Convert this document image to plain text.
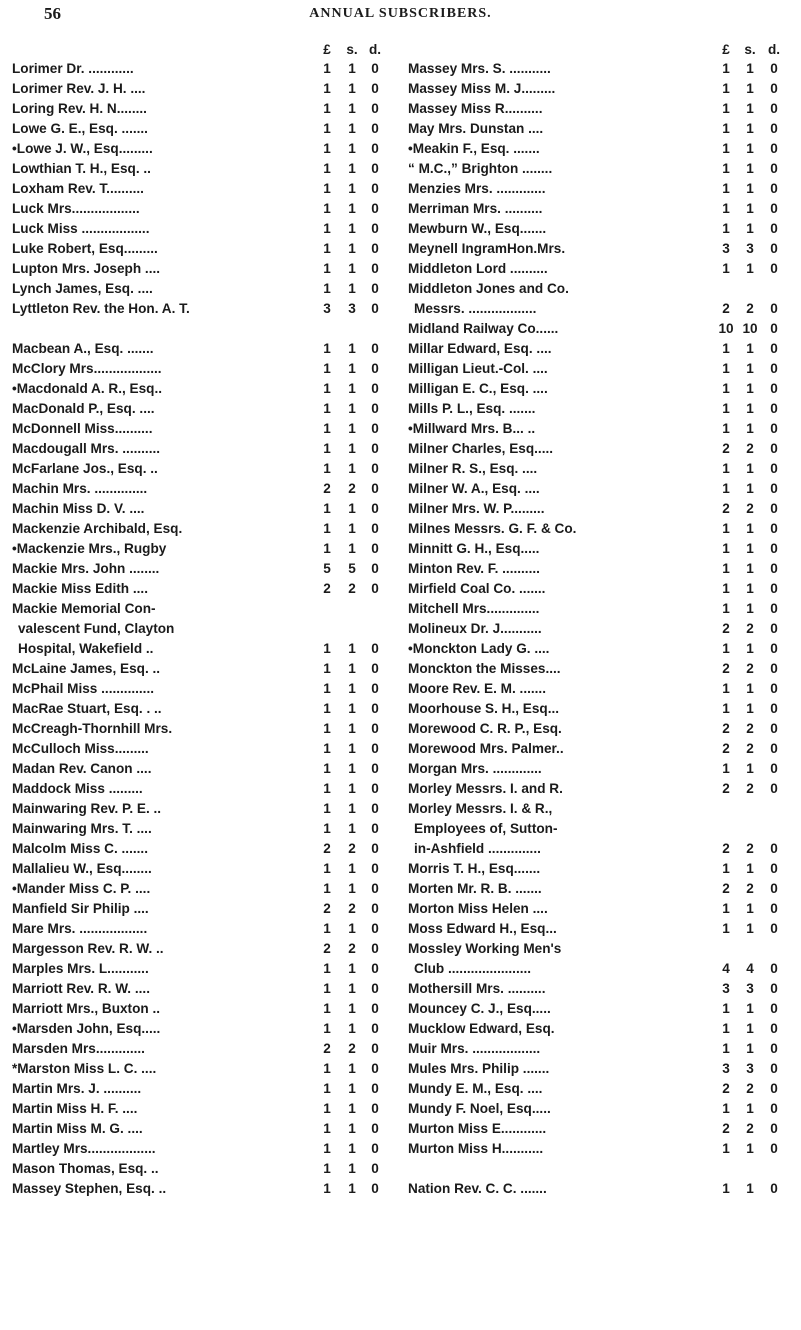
56	ANNUAL SUBSCRIBERS.
£	s. d.
Lorimer Dr. ............	1	1	0
Lorimer Rev. J. H. ....	1	1	0
Loring Rev. H. N........	1	1	0
Lowe G. E., Esq. .......	1	1	0
•Lowe J. W., Esq.........	1	1	0
Lowthian T. H., Esq. ..	1	1	0
Loxham Rev. T..........	1	1	0
Luck Mrs..................	1	1	0
Luck Miss ..................	1	1	0
Luke Robert, Esq.........	1	1	0
Lupton Mrs. Joseph ....	1	1	0
Lynch James, Esq. ....	1	1	0
Lyttleton Rev. the Hon. A. T.	3	3	0
Macbean A., Esq. .......	1	1	0
McClory Mrs..................	1	1	0
•Macdonald A. R., Esq..	1	1	0
MacDonald P., Esq. ....	1	1	0
McDonnell Miss..........	1	1	0
Macdougall Mrs. ..........	1	1	0
McFarlane Jos., Esq. ..	1	1	0
Machin Mrs. ..............	2	2	0
Machin Miss D. V. ....	1	1	0
Mackenzie Archibald, Esq.	1	1	0
•Mackenzie Mrs., Rugby	1	1	0
Mackie Mrs. John ........	5	5	0
Mackie Miss Edith ....	2	2	0
Mackie Memorial Con-
valescent Fund, Clayton
Hospital, Wakefield ..	1	1	0
McLaine James, Esq. ..	1	1	0
McPhail Miss ..............	1	1	0
MacRae Stuart, Esq. . ..	1	1	0
McCreagh-Thornhill Mrs.	1	1	0
McCulloch Miss.........	1	1	0
Madan Rev. Canon ....	1	1	0
Maddock Miss .........	1	1	0
Mainwaring Rev. P. E. ..	1	1	0
Mainwaring Mrs. T. ....	1	1	0
Malcolm Miss C. .......	2	2	0
Mallalieu W., Esq........	1	1	0
•Mander Miss C. P. ....	1	1	0
Manfield Sir Philip ....	2	2	0
Mare Mrs. ..................	1	1	0
Margesson Rev. R. W. ..	2	2	0
Marples Mrs. L...........	1	1	0
Marriott Rev. R. W. ....	1	1	0
Marriott Mrs., Buxton ..	1	1	0
•Marsden John, Esq.....	1	1	0
Marsden Mrs.............	2	2	0
*Marston Miss L. C. ....	1	1	0
Martin Mrs. J. ..........	1	1	0
Martin Miss H. F. ....	1	1	0
Martin Miss M. G. ....	1	1	0
Martley Mrs..................	1	1	0
Mason Thomas, Esq. ..	1	1	0
Massey Stephen, Esq. ..	1	1	0
£	s. d.
Massey Mrs. S. ...........	1	1	0
Massey Miss M. J.........	1	1	0
Massey Miss R..........	1	1	0
May Mrs. Dunstan ....	1	1	0
•Meakin F., Esq. .......	1	1	0
“ M.C.,” Brighton ........	1	1	0
Menzies Mrs. .............	1	1	0
Merriman Mrs. ..........	1	1	0
Mewburn W., Esq.......	1	1	0
Meynell IngramHon.Mrs.	3	3	0
Middleton Lord ..........	1	1	0
Middleton Jones and Co.
Messrs. ..................	2	2	0
Midland Railway Co......	10 10 0
Millar Edward, Esq. ....	1	1	0
Milligan Lieut.-Col. ....	1	1	0
Milligan E. C., Esq. ....	1	1	0
Mills P. L., Esq. .......	1	1	0
•Millward Mrs. B... ..	1	1	0
Milner Charles, Esq.....	2	2	0
Milner R. S., Esq. ....	1	1	0
Milner W. A., Esq. ....	1	1	0
Milner Mrs. W. P.........	2	2	0
Milnes Messrs. G. F. & Co.	1	1	0
Minnitt G. H., Esq.....	1	1	0
Minton Rev. F. ..........	1	1	0
Mirfield Coal Co. .......	1	1	0
Mitchell Mrs..............	1	1	0
Molineux Dr. J...........	2	2	0
•Monckton Lady G. ....	1	1	0
Monckton the Misses....	2	2	0
Moore Rev. E. M. .......	1	1	0
Moorhouse S. H., Esq...	1	1	0
Morewood C. R. P., Esq.	2	2	0
Morewood Mrs. Palmer..	2	2	0
Morgan Mrs. .............	1	1	0
Morley Messrs. I. and R.	2	2	0
Morley Messrs. I. & R.,
Employees of, Sutton-
in-Ashfield ..............	2	2	0
Morris T. H., Esq.......	1	1	0
Morten Mr. R. B. .......	2	2	0
Morton Miss Helen ....	1	1	0
Moss Edward H., Esq...	1	1	0
Mossley Working Men's
Club ......................	4	4	0
Mothersill Mrs. ..........	3	3	0
Mouncey C. J., Esq.....	1	1	0
Mucklow Edward, Esq.	1	1	0
Muir Mrs. ..................	1	1	0
Mules Mrs. Philip .......	3	3	0
Mundy E. M., Esq. ....	2	2	0
Mundy F. Noel, Esq.....	1	1	0
Murton Miss E............	2	2	0
Murton Miss H...........	1	1	0
Nation Rev. C. C. .......	1	1	0
